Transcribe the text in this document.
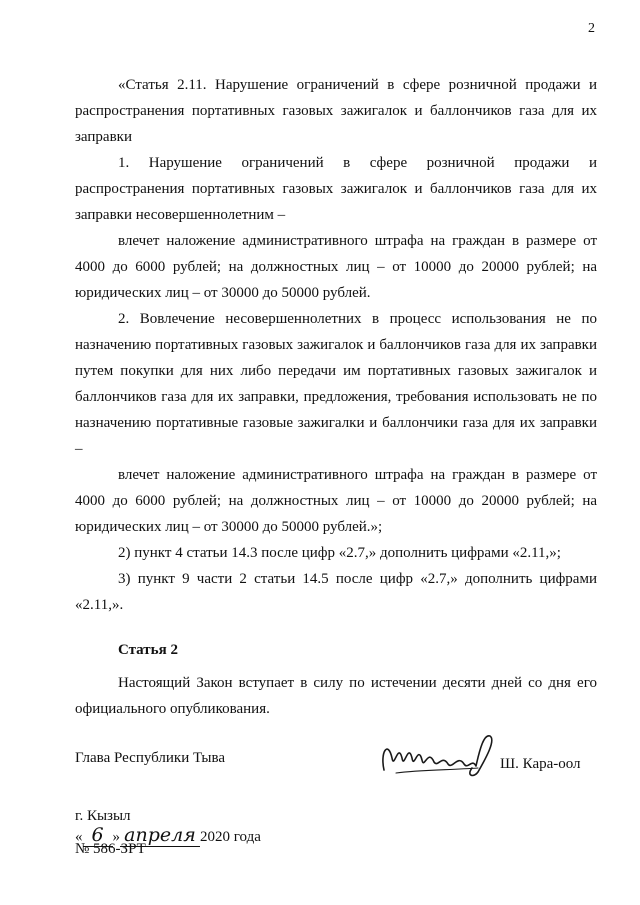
2

«Статья 2.11. Нарушение ограничений в сфере розничной продажи и распространения портативных газовых зажигалок и баллончиков газа для их заправки

1. Нарушение ограничений в сфере розничной продажи и распространения портативных газовых зажигалок и баллончиков газа для их заправки несовершеннолетним –

влечет наложение административного штрафа на граждан в размере от 4000 до 6000 рублей; на должностных лиц – от 10000 до 20000 рублей; на юридических лиц – от 30000 до 50000 рублей.

2. Вовлечение несовершеннолетних в процесс использования не по назначению портативных газовых зажигалок и баллончиков газа для их заправки путем покупки для них либо передачи им портативных газовых зажигалок и баллончиков газа для их заправки, предложения, требования использовать не по назначению портативные газовые зажигалки и баллончики газа для их заправки –

влечет наложение административного штрафа на граждан в размере от 4000 до 6000 рублей; на должностных лиц – от 10000 до 20000 рублей; на юридических лиц – от 30000 до 50000 рублей.»;

2) пункт 4 статьи 14.3 после цифр «2.7,» дополнить цифрами «2.11,»;

3) пункт 9 части 2 статьи 14.5 после цифр «2.7,» дополнить цифрами «2.11,».

Статья 2

Настоящий Закон вступает в силу по истечении десяти дней со дня его официального опубликования.

Глава Республики Тыва	Ш. Кара-оол
г. Кызыл
« 6 » апреля 2020 года
№ 586-ЗРТ
